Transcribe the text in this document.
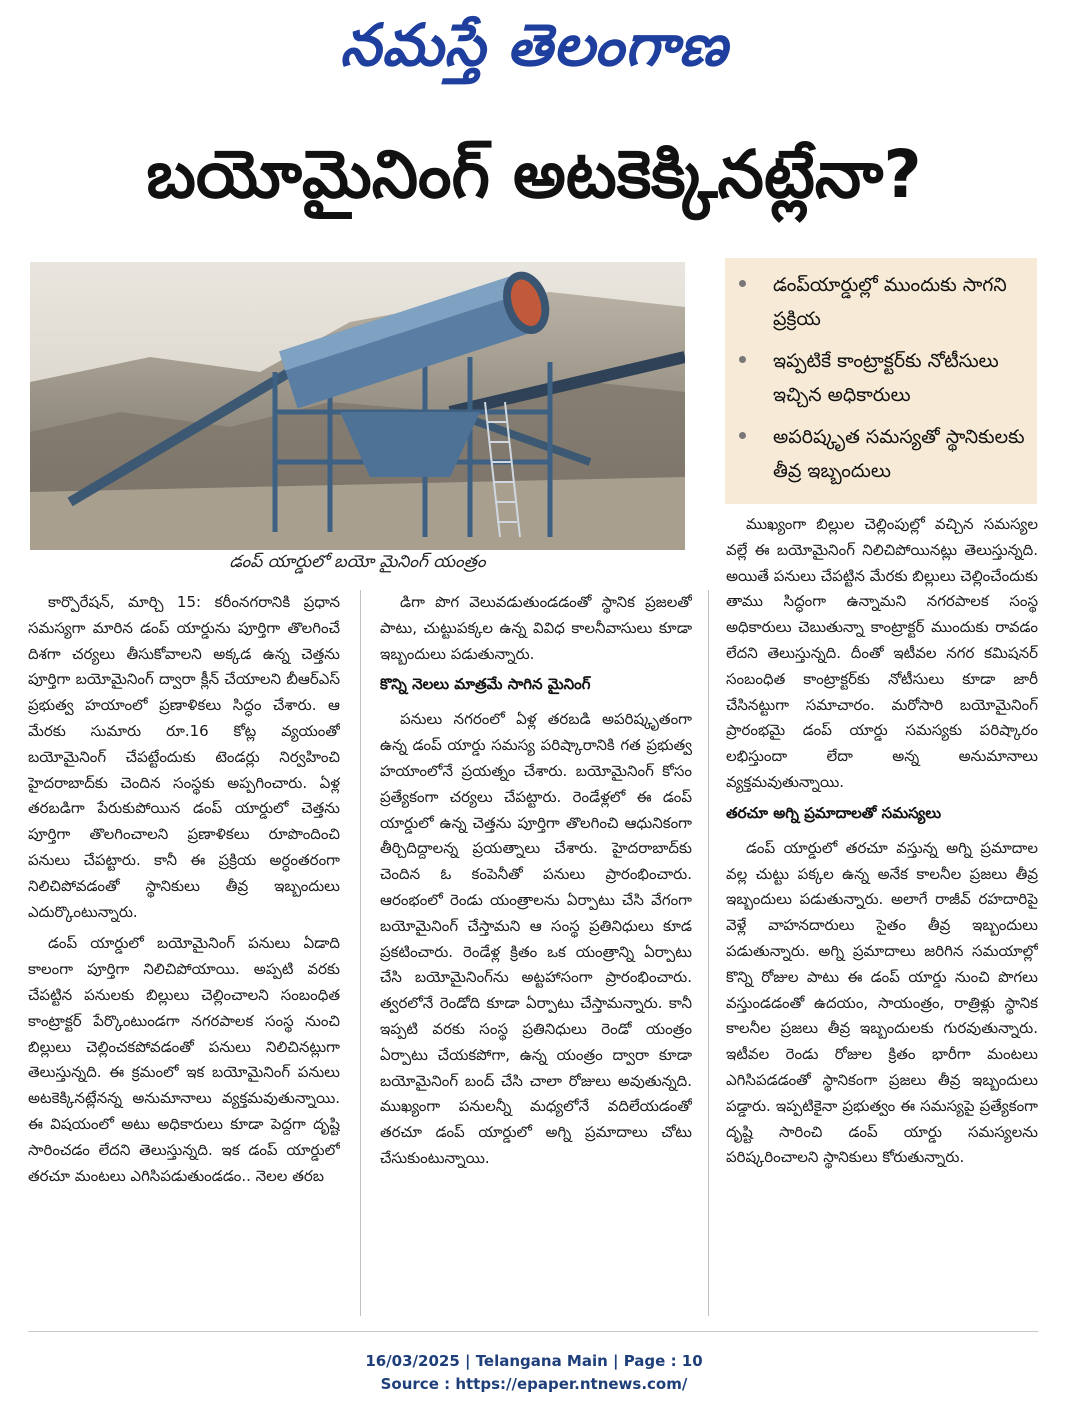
నమస్తే తెలంగాణ
బయోమైనింగ్ అటకెక్కినట్లేనా?
డంప్ యార్డులో బయో మైనింగ్ యంత్రం
డంప్‌యార్డుల్లో ముందుకు సాగని ప్రక్రియ
ఇప్పటికే కాంట్రాక్టర్‌కు నోటీసులు ఇచ్చిన అధికారులు
అపరిష్కృత సమస్యతో స్థానికులకు తీవ్ర ఇబ్బందులు

కార్పొరేషన్, మార్చి 15: కరీంనగరానికి ప్రధాన సమస్యగా మారిన డంప్ యార్డును పూర్తిగా తొలగించే దిశగా చర్యలు తీసుకోవాలని అక్కడ ఉన్న చెత్తను పూర్తిగా బయోమైనింగ్ ద్వారా క్లీన్ చేయాలని బీఆర్‌ఎస్ ప్రభుత్వ హయాంలో ప్రణాళికలు సిద్ధం చేశారు. ఆ మేరకు సుమారు రూ.16 కోట్ల వ్యయంతో బయోమైనింగ్ చేపట్టేందుకు టెండర్లు నిర్వహించి హైదరాబాద్‌కు చెందిన సంస్థకు అప్పగించారు. ఏళ్ల తరబడిగా పేరుకుపోయిన డంప్ యార్డులో చెత్తను పూర్తిగా తొలగించాలని ప్రణాళికలు రూపొందించి పనులు చేపట్టారు. కానీ ఈ ప్రక్రియ అర్ధంతరంగా నిలిచిపోవడంతో స్థానికులు తీవ్ర ఇబ్బందులు ఎదుర్కొంటున్నారు.

డంప్ యార్డులో బయోమైనింగ్ పనులు ఏడాది కాలంగా పూర్తిగా నిలిచిపోయాయి. అప్పటి వరకు చేపట్టిన పనులకు బిల్లులు చెల్లించాలని సంబంధిత కాంట్రాక్టర్ పేర్కొంటుండగా నగరపాలక సంస్థ నుంచి బిల్లులు చెల్లించకపోవడంతో పనులు నిలిచినట్లుగా తెలుస్తున్నది. ఈ క్రమంలో ఇక బయోమైనింగ్ పనులు అటకెక్కినట్లేనన్న అనుమానాలు వ్యక్తమవుతున్నాయి. ఈ విషయంలో అటు అధికారులు కూడా పెద్దగా దృష్టి సారించడం లేదని తెలుస్తున్నది. ఇక డంప్ యార్డులో తరచూ మంటలు ఎగిసిపడుతుండడం.. నెలల తరబ

డిగా పొగ వెలువడుతుండడంతో స్థానిక ప్రజలతో పాటు, చుట్టుపక్కల ఉన్న వివిధ కాలనీవాసులు కూడా ఇబ్బందులు పడుతున్నారు.

కొన్ని నెలలు మాత్రమే సాగిన మైనింగ్

పనులు నగరంలో ఏళ్ల తరబడి అపరిష్కృతంగా ఉన్న డంప్ యార్డు సమస్య పరిష్కారానికి గత ప్రభుత్వ హయాంలోనే ప్రయత్నం చేశారు. బయోమైనింగ్ కోసం ప్రత్యేకంగా చర్యలు చేపట్టారు. రెండేళ్లలో ఈ డంప్ యార్డులో ఉన్న చెత్తను పూర్తిగా తొలగించి ఆధునికంగా తీర్చిదిద్దాలన్న ప్రయత్నాలు చేశారు. హైదరాబాద్‌కు చెందిన ఓ కంపెనీతో పనులు ప్రారంభించారు. ఆరంభంలో రెండు యంత్రాలను ఏర్పాటు చేసి వేగంగా బయోమైనింగ్ చేస్తామని ఆ సంస్థ ప్రతినిధులు కూడ ప్రకటించారు. రెండేళ్ల క్రితం ఒక యంత్రాన్ని ఏర్పాటు చేసి బయోమైనింగ్‌ను అట్టహాసంగా ప్రారంభించారు. త్వరలోనే రెండోది కూడా ఏర్పాటు చేస్తామన్నారు. కానీ ఇప్పటి వరకు సంస్థ ప్రతినిధులు రెండో యంత్రం ఏర్పాటు చేయకపోగా, ఉన్న యంత్రం ద్వారా కూడా బయోమైనింగ్ బంద్ చేసి చాలా రోజులు అవుతున్నది. ముఖ్యంగా పనులన్నీ మధ్యలోనే వదిలేయడంతో తరచూ డంప్ యార్డులో అగ్ని ప్రమాదాలు చోటు చేసుకుంటున్నాయి.

ముఖ్యంగా బిల్లుల చెల్లింపుల్లో వచ్చిన సమస్యల వల్లే ఈ బయోమైనింగ్ నిలిచిపోయినట్లు తెలుస్తున్నది. అయితే పనులు చేపట్టిన మేరకు బిల్లులు చెల్లించేందుకు తాము సిద్ధంగా ఉన్నామని నగరపాలక సంస్థ అధికారులు చెబుతున్నా కాంట్రాక్టర్ ముందుకు రావడం లేదని తెలుస్తున్నది. దీంతో ఇటీవల నగర కమిషనర్ సంబంధిత కాంట్రాక్టర్‌కు నోటీసులు కూడా జారీ చేసినట్టుగా సమాచారం. మరోసారి బయోమైనింగ్ ప్రారంభమై డంప్ యార్డు సమస్యకు పరిష్కారం లభిస్తుందా లేదా అన్న అనుమానాలు వ్యక్తమవుతున్నాయి.

తరచూ అగ్ని ప్రమాదాలతో సమస్యలు

డంప్ యార్డులో తరచూ వస్తున్న అగ్ని ప్రమాదాల వల్ల చుట్టు పక్కల ఉన్న అనేక కాలనీల ప్రజలు తీవ్ర ఇబ్బందులు పడుతున్నారు. అలాగే రాజీవ్ రహదారిపై వెళ్లే వాహనదారులు సైతం తీవ్ర ఇబ్బందులు పడుతున్నారు. అగ్ని ప్రమాదాలు జరిగిన సమయాల్లో కొన్ని రోజుల పాటు ఈ డంప్ యార్డు నుంచి పొగలు వస్తుండడంతో ఉదయం, సాయంత్రం, రాత్రిళ్లు స్థానిక కాలనీల ప్రజలు తీవ్ర ఇబ్బందులకు గురవుతున్నారు. ఇటీవల రెండు రోజుల క్రితం భారీగా మంటలు ఎగిసిపడడంతో స్థానికంగా ప్రజలు తీవ్ర ఇబ్బందులు పడ్డారు. ఇప్పటికైనా ప్రభుత్వం ఈ సమస్యపై ప్రత్యేకంగా దృష్టి సారించి డంప్ యార్డు సమస్యలను పరిష్కరించాలని స్థానికులు కోరుతున్నారు.

16/03/2025 | Telangana Main | Page : 10
Source : https://epaper.ntnews.com/
